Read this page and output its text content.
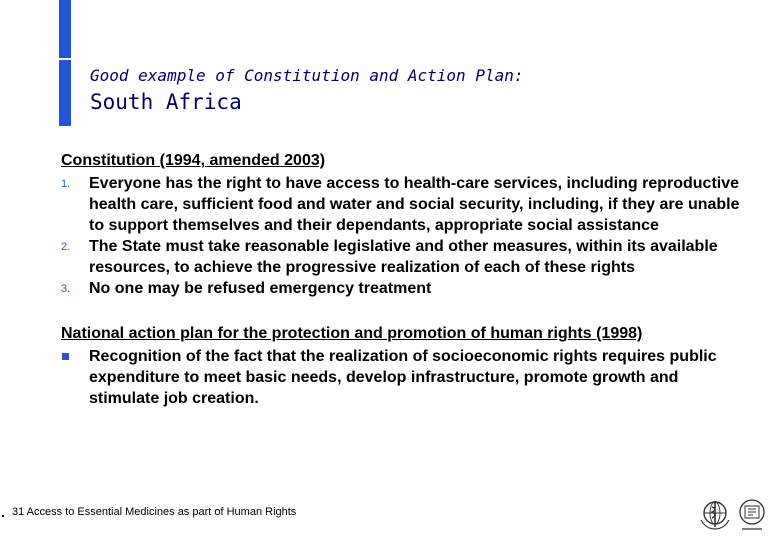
Good example of Constitution and Action Plan:
South Africa
Constitution (1994, amended 2003)
1. Everyone has the right to have access to health-care services, including reproductive health care, sufficient food and water and social security, including, if they are unable to support themselves and their dependants, appropriate social assistance
2. The State must take reasonable legislative and other measures, within its available resources, to achieve the progressive realization of each of these rights
3. No one may be refused emergency treatment
National action plan for the protection and promotion of human rights (1998)
Recognition of the fact that the realization of socioeconomic rights requires public expenditure to meet basic needs, develop infrastructure, promote growth and stimulate job creation.
31 Access to Essential Medicines as part of Human Rights
